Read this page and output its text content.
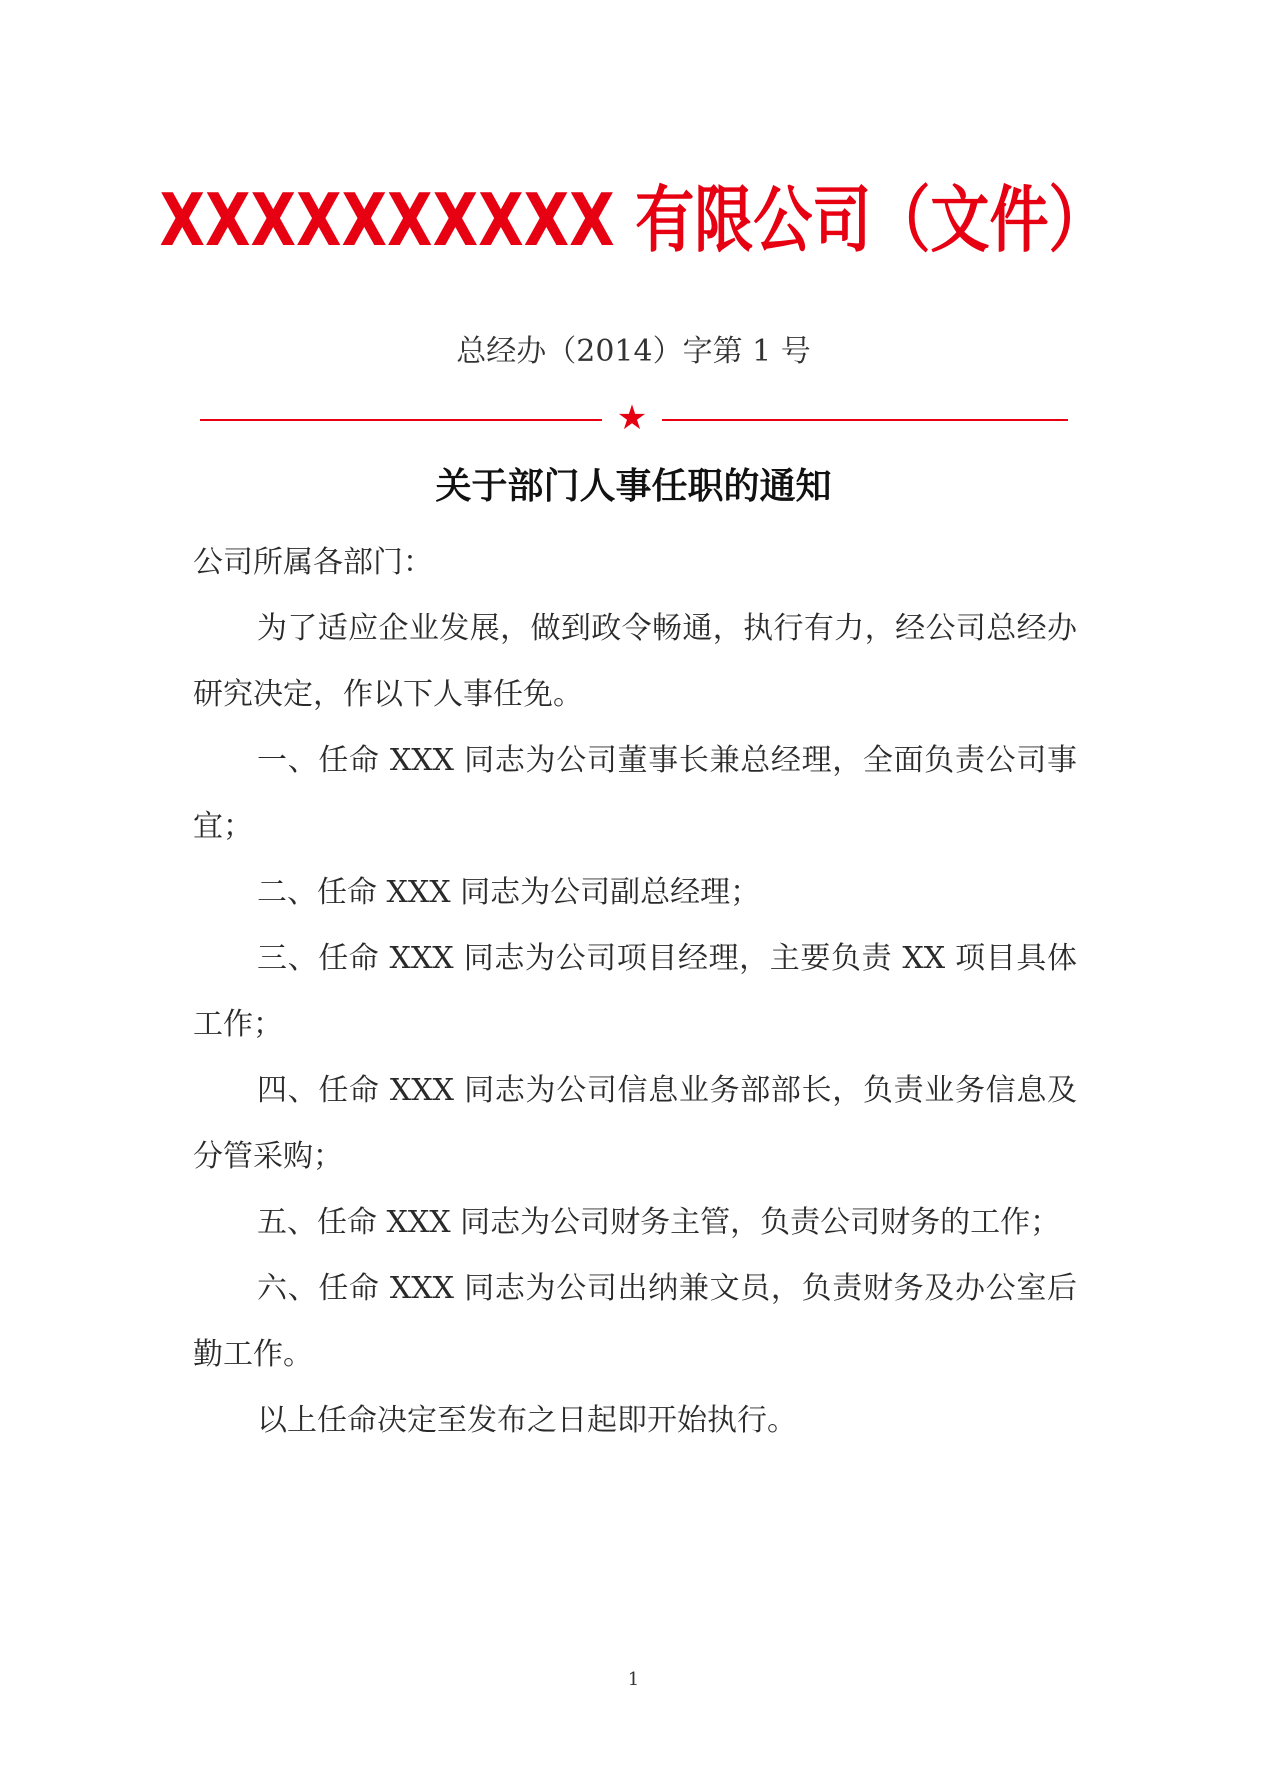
XXXXXXXXXX 有限公司（文件）
总经办（2014）字第 1 号
★
关于部门人事任职的通知

公司所属各部门：

为了适应企业发展，做到政令畅通，执行有力，经公司总经办研究决定，作以下人事任免。

一、任命 XXX 同志为公司董事长兼总经理，全面负责公司事宜；

二、任命 XXX 同志为公司副总经理；

三、任命 XXX 同志为公司项目经理，主要负责 XX 项目具体工作；

四、任命 XXX 同志为公司信息业务部部长，负责业务信息及分管采购；

五、任命 XXX 同志为公司财务主管，负责公司财务的工作；

六、任命 XXX 同志为公司出纳兼文员，负责财务及办公室后勤工作。

以上任命决定至发布之日起即开始执行。

1
